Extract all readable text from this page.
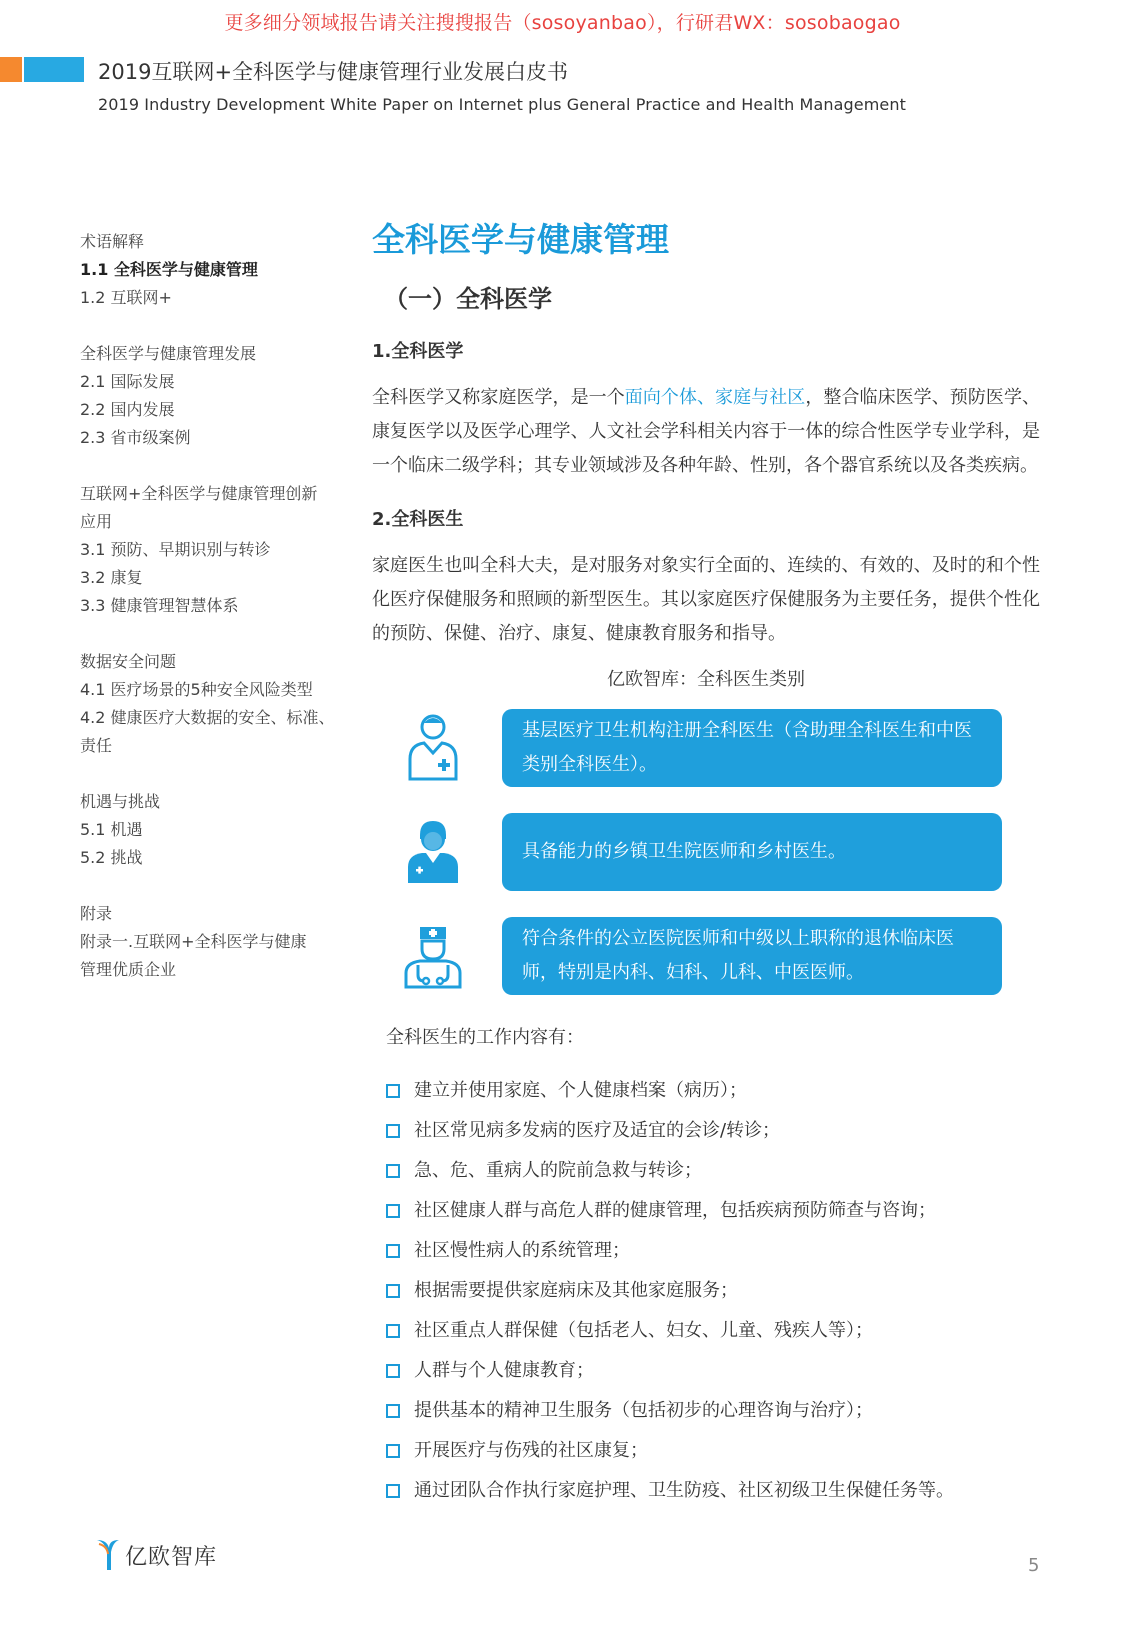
更多细分领域报告请关注搜搜报告（sosoyanbao），行研君WX：sosobaogao
2019互联网+全科医学与健康管理行业发展白皮书
2019 Industry Development White Paper on Internet plus General Practice and Health Management
术语解释
1.1 全科医学与健康管理
1.2 互联网+
全科医学与健康管理发展
2.1 国际发展
2.2 国内发展
2.3 省市级案例
互联网+全科医学与健康管理创新
应用
3.1 预防、早期识别与转诊
3.2 康复
3.3 健康管理智慧体系
数据安全问题
4.1 医疗场景的5种安全风险类型
4.2 健康医疗大数据的安全、标准、
责任
机遇与挑战
5.1 机遇
5.2 挑战
附录
附录一.互联网+全科医学与健康
管理优质企业
全科医学与健康管理
（一）全科医学
1.全科医学

全科医学又称家庭医学，是一个面向个体、家庭与社区，整合临床医学、预防医学、康复医学以及医学心理学、人文社会学科相关内容于一体的综合性医学专业学科，是一个临床二级学科；其专业领域涉及各种年龄、性别，各个器官系统以及各类疾病。

2.全科医生

家庭医生也叫全科大夫，是对服务对象实行全面的、连续的、有效的、及时的和个性化医疗保健服务和照顾的新型医生。其以家庭医疗保健服务为主要任务，提供个性化的预防、保健、治疗、康复、健康教育服务和指导。

亿欧智库：全科医生类别
基层医疗卫生机构注册全科医生（含助理全科医生和中医类别全科医生）。
具备能力的乡镇卫生院医师和乡村医生。
符合条件的公立医院医师和中级以上职称的退休临床医师，特别是内科、妇科、儿科、中医医师。
全科医生的工作内容有：
建立并使用家庭、个人健康档案（病历）；
社区常见病多发病的医疗及适宜的会诊/转诊；
急、危、重病人的院前急救与转诊；
社区健康人群与高危人群的健康管理，包括疾病预防筛查与咨询；
社区慢性病人的系统管理；
根据需要提供家庭病床及其他家庭服务；
社区重点人群保健（包括老人、妇女、儿童、残疾人等）；
人群与个人健康教育；
提供基本的精神卫生服务（包括初步的心理咨询与治疗）；
开展医疗与伤残的社区康复；
通过团队合作执行家庭护理、卫生防疫、社区初级卫生保健任务等。
亿欧智库	5
